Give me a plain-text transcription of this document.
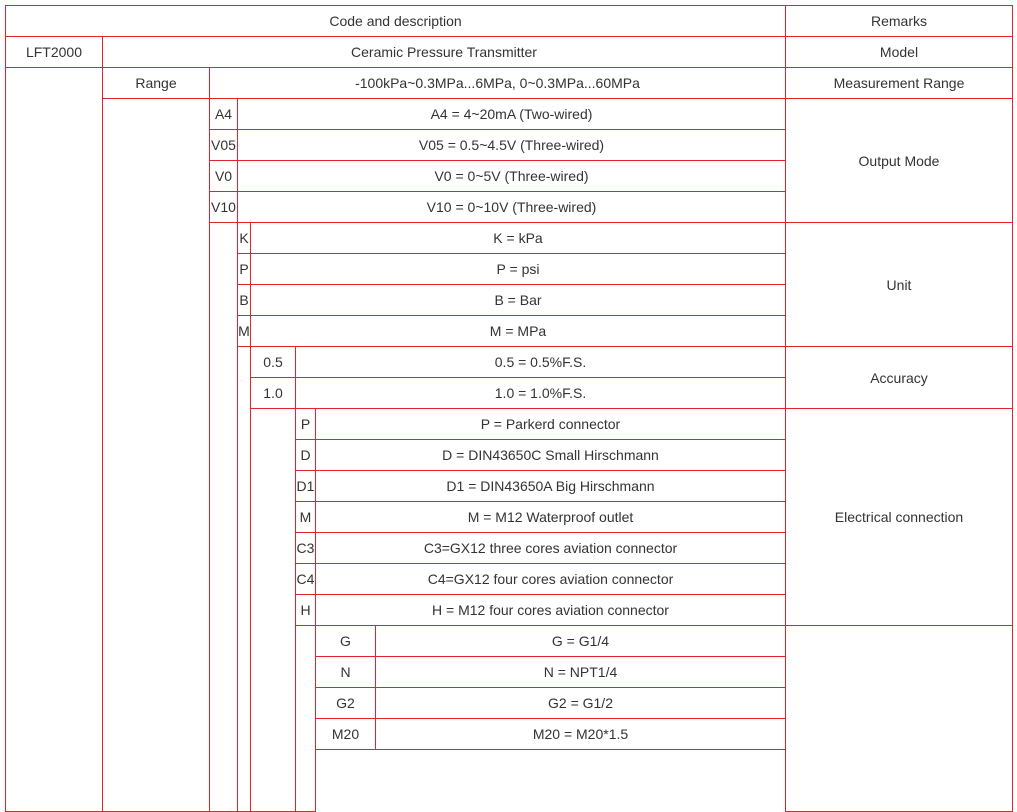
Code and description	Remarks
LFT2000	Ceramic Pressure Transmitter	Model
Range	-100kPa~0.3MPa...6MPa, 0~0.3MPa...60MPa	Measurement Range
A4	A4 = 4~20mA (Two-wired)
V05	V05 = 0.5~4.5V (Three-wired)
V0	V0 = 0~5V (Three-wired)
V10	V10 = 0~10V (Three-wired)
Output Mode
K	K = kPa
P	P = psi
B	B = Bar
M	M = MPa
Unit
0.5	0.5 = 0.5%F.S.
1.0	1.0 = 1.0%F.S.
Accuracy
P	P = Parkerd connector
D	D = DIN43650C Small Hirschmann
D1	D1 = DIN43650A Big Hirschmann
M	M = M12 Waterproof outlet
C3	C3=GX12 three cores aviation connector
C4	C4=GX12 four cores aviation connector
H	H = M12 four cores aviation connector
Electrical connection
G	G = G1/4
N	N = NPT1/4
G2	G2 = G1/2
M20	M20 = M20*1.5
